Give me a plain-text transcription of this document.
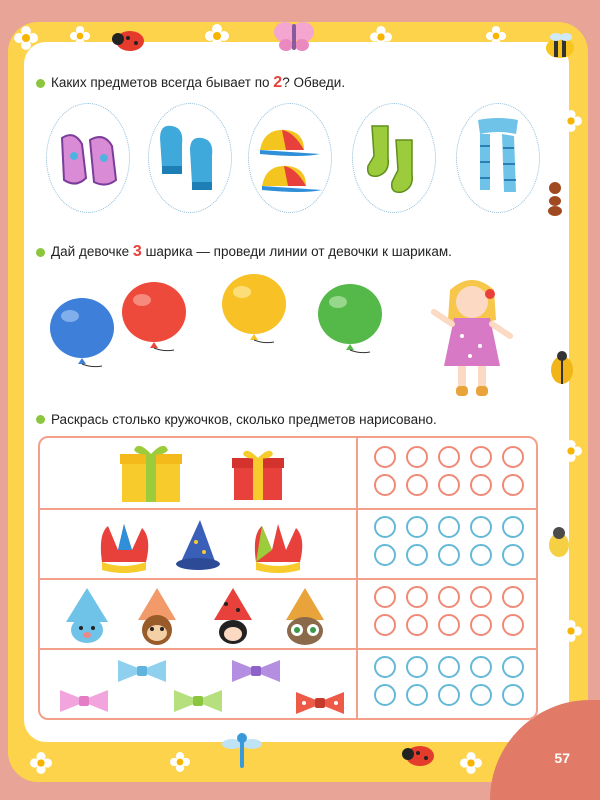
57
Каких предметов всегда бывает по 2? Обведи.
Дай девочке 3 шарика — проведи линии от девочки к шарикам.
Раскрась столько кружочков, сколько предметов нарисовано.
